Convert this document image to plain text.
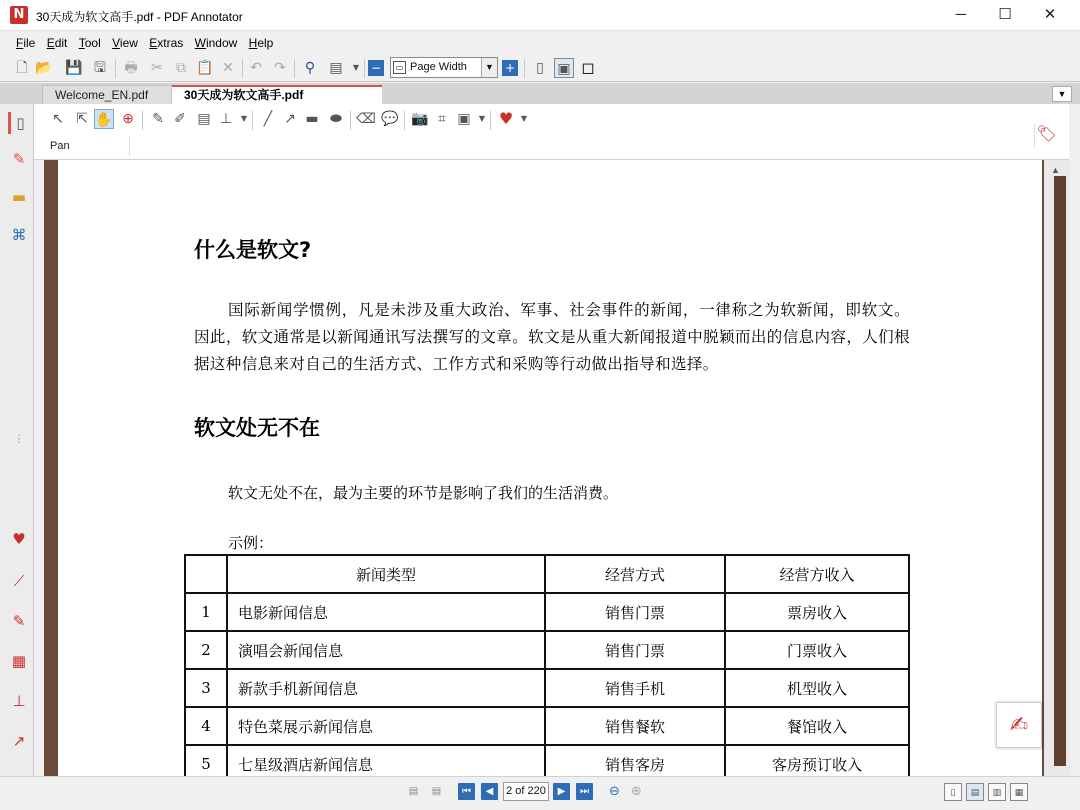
N 30天成为软文高手.pdf - PDF Annotator	─	☐	✕
File Edit Tool View Extras Window Help
🗋 📂 💾 🖫 🖶 ✂ ⧉ 📋 ✕ ↶ ↷	⚲	▤	▼ −	▭ Page Width	▼ +	▯ ▣ ◻
Welcome_EN.pdf	30天成为软文高手.pdf	▼
▯
✎
▬
⌘
⋮
♥
⟋
✎
▦
⊥
↗
↖ ⇱ ✋ ⊕ ✎ ✐ ▤ ⊥	▼	╱ ↗ ▬ ⬬ ⌫ 💬 📷 ⌗ ▣	▼ ♥ ▼
Pan
🏷
什么是软文?
国际新闻学惯例，凡是未涉及重大政治、军事、社会事件的新闻，一律称之为软新闻，即软文。因此，软文通常是以新闻通讯写法撰写的文章。软文是从重大新闻报道中脱颖而出的信息内容，人们根据这种信息来对自己的生活方式、工作方式和采购等行动做出指导和选择。
软文处无不在
软文无处不在，最为主要的环节是影响了我们的生活消费。
示例：
	新闻类型	经营方式	经营方收入
1	电影新闻信息	销售门票	票房收入
2	演唱会新闻信息	销售门票	门票收入
3	新款手机新闻信息	销售手机	机型收入
4	特色菜展示新闻信息	销售餐软	餐馆收入
5	七星级酒店新闻信息	销售客房	客房预订收入
▲
✍
▤	▤	⏮	◀	2 of 220	▶	⏭	⊖ ⊕	▯	▤	▥	▦
